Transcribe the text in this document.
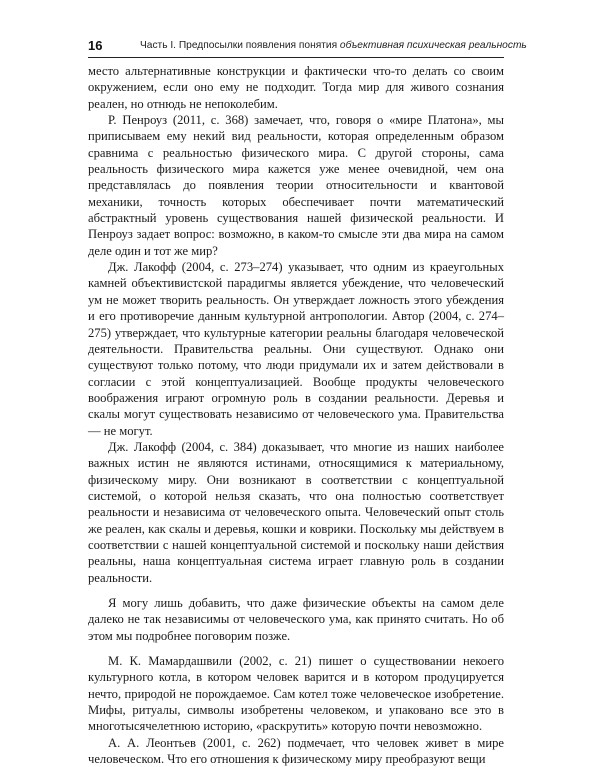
16	Часть I. Предпосылки появления понятия объективная психическая реальность

место альтернативные конструкции и фактически что-то делать со своим окружением, если оно ему не подходит. Тогда мир для живого сознания реален, но отнюдь не непоколебим.

Р. Пенроуз (2011, с. 368) замечает, что, говоря о «мире Платона», мы приписываем ему некий вид реальности, которая определенным образом сравнима с реальностью физического мира. С другой стороны, сама реальность физического мира кажется уже менее очевидной, чем она представлялась до появления теории относительности и квантовой механики, точность которых обеспечивает почти математический абстрактный уровень существования нашей физической реальности. И Пенроуз задает вопрос: возможно, в каком-то смысле эти два мира на самом деле один и тот же мир?

Дж. Лакофф (2004, с. 273–274) указывает, что одним из краеугольных камней объективистской парадигмы является убеждение, что человеческий ум не может творить реальность. Он утверждает ложность этого убеждения и его противоречие данным культурной антропологии. Автор (2004, с. 274–275) утверждает, что культурные категории реальны благодаря человеческой деятельности. Правительства реальны. Они существуют. Однако они существуют только потому, что люди придумали их и затем действовали в согласии с этой концептуализацией. Вообще продукты человеческого воображения играют огромную роль в создании реальности. Деревья и скалы могут существовать независимо от человеческого ума. Правительства — не могут.

Дж. Лакофф (2004, с. 384) доказывает, что многие из наших наиболее важных истин не являются истинами, относящимися к материальному, физическому миру. Они возникают в соответствии с концептуальной системой, о которой нельзя сказать, что она полностью соответствует реальности и независима от человеческого опыта. Человеческий опыт столь же реален, как скалы и деревья, кошки и коврики. Поскольку мы действуем в соответствии с нашей концептуальной системой и поскольку наши действия реальны, наша концептуальная система играет главную роль в создании реальности.

Я могу лишь добавить, что даже физические объекты на самом деле далеко не так независимы от человеческого ума, как принято считать. Но об этом мы подробнее поговорим позже.

М. К. Мамардашвили (2002, с. 21) пишет о существовании некоего культурного котла, в котором человек варится и в котором продуцируется нечто, природой не порождаемое. Сам котел тоже человеческое изобретение. Мифы, ритуалы, символы изобретены человеком, и упаковано все это в многотысячелетнюю историю, «раскрутить» которую почти невозможно.

А. А. Леонтьев (2001, с. 262) подмечает, что человек живет в мире человеческом. Что его отношения к физическому миру преобразуют вещи
